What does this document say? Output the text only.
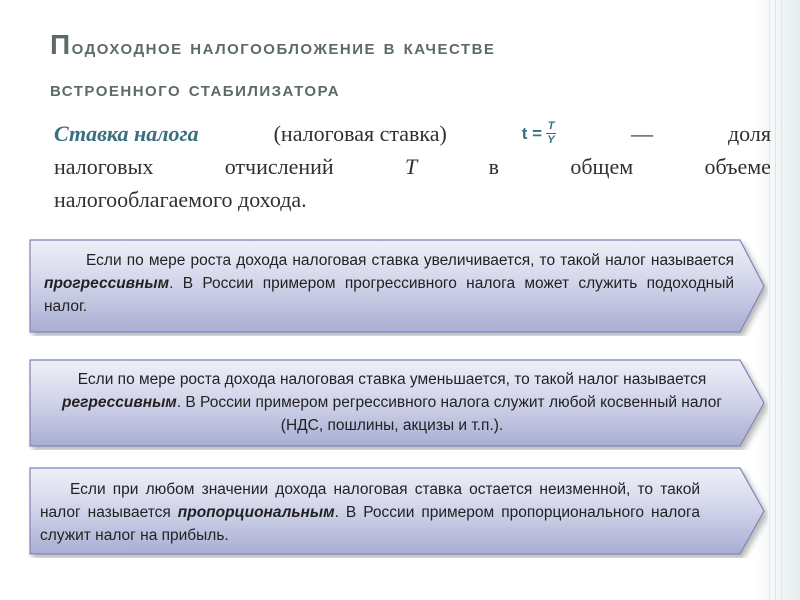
Подоходное налогообложение в качестве
встроенного стабилизатора
Ставка налога	(налоговая ставка)	$t = \frac{T}{Y}$	—	доля
налоговых	отчислений	T	в	общем	объеме
налогооблагаемого дохода.
Если по мере роста дохода налоговая ставка увеличивается, то такой налог называется прогрессивным. В России примером прогрессивного налога может служить подоходный налог.
Если по мере роста дохода налоговая ставка уменьшается, то такой налог называется регрессивным. В России примером регрессивного налога служит любой косвенный налог (НДС, пошлины, акцизы и т.п.).
Если при любом значении дохода налоговая ставка остается неизменной, то такой налог называется пропорциональным. В России примером пропорционального налога служит налог на прибыль.
